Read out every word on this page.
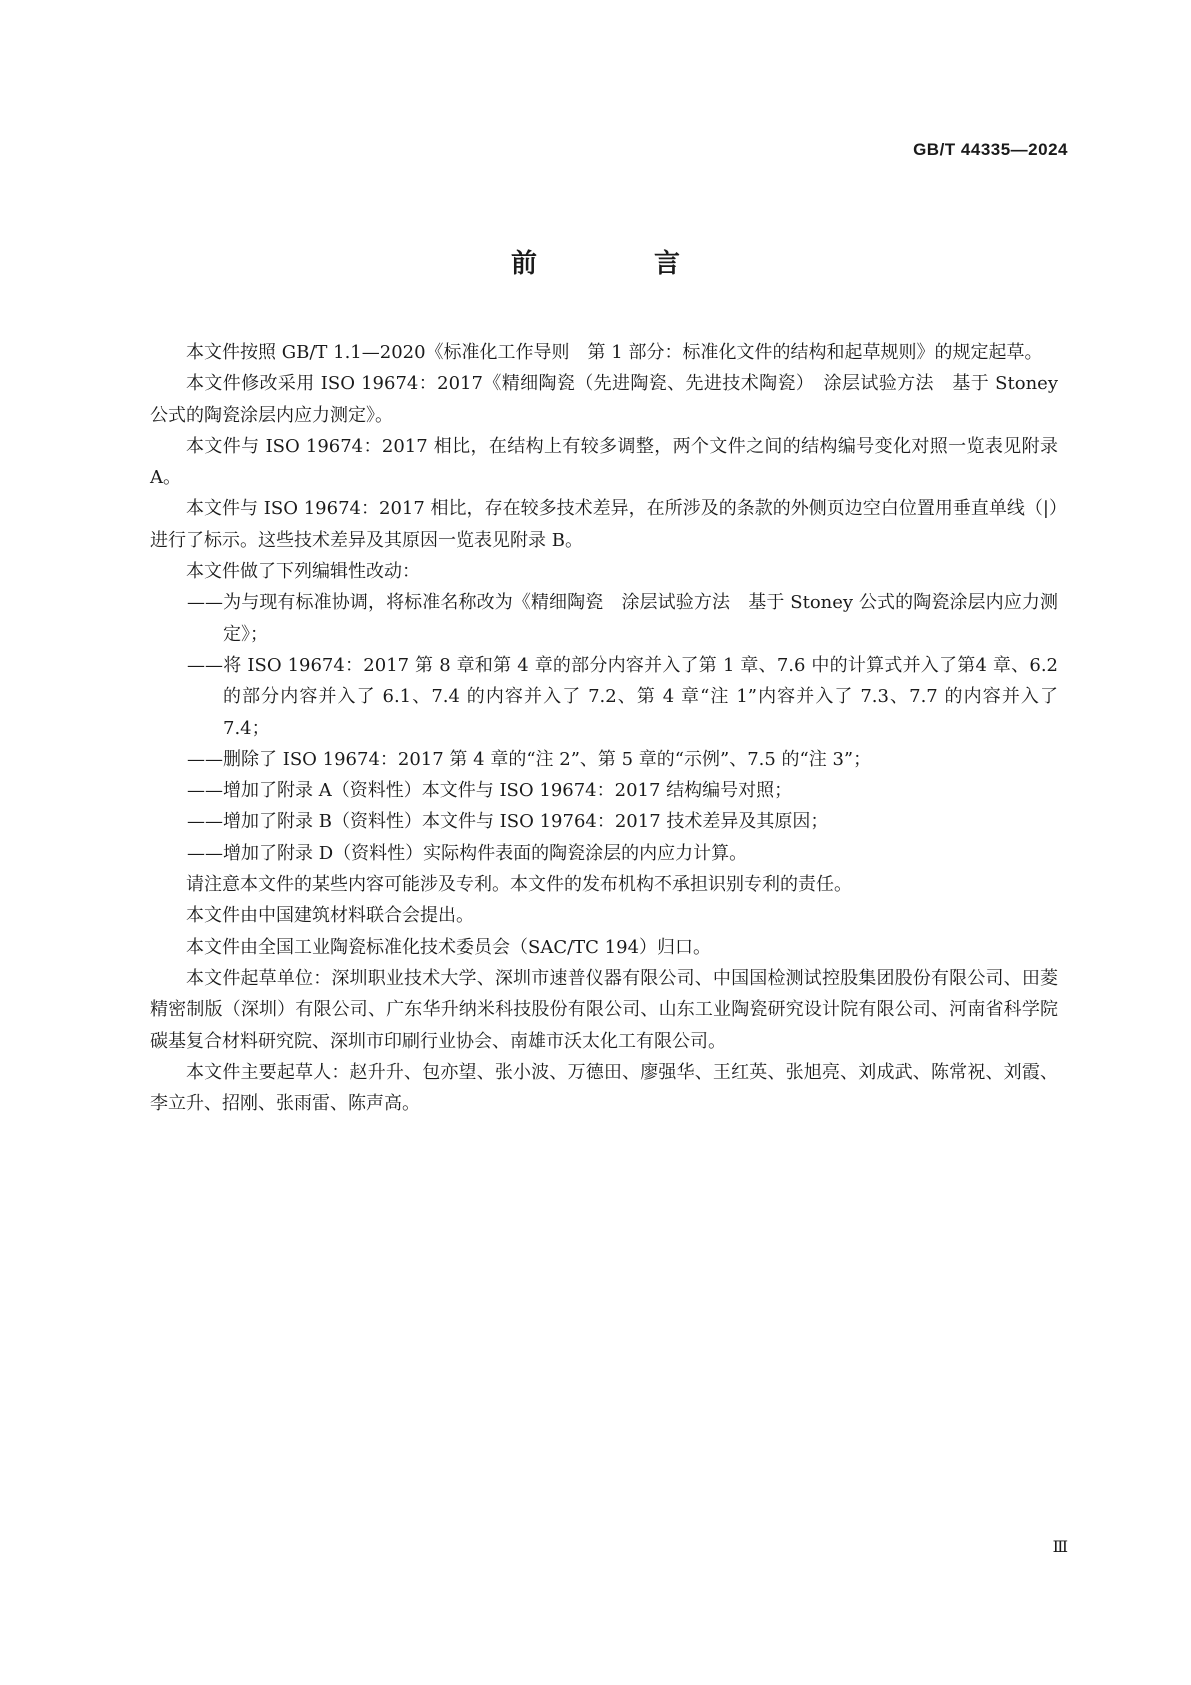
GB/T 44335—2024
前 言

本文件按照 GB/T 1.1—2020《标准化工作导则　第 1 部分：标准化文件的结构和起草规则》的规定起草。

本文件修改采用 ISO 19674：2017《精细陶瓷（先进陶瓷、先进技术陶瓷）　涂层试验方法　基于 Stoney 公式的陶瓷涂层内应力测定》。

本文件与 ISO 19674：2017 相比，在结构上有较多调整，两个文件之间的结构编号变化对照一览表见附录 A。

本文件与 ISO 19674：2017 相比，存在较多技术差异，在所涉及的条款的外侧页边空白位置用垂直单线（|）进行了标示。这些技术差异及其原因一览表见附录 B。

本文件做了下列编辑性改动：

——为与现有标准协调，将标准名称改为《精细陶瓷　涂层试验方法　基于 Stoney 公式的陶瓷涂层内应力测定》；

——将 ISO 19674：2017 第 8 章和第 4 章的部分内容并入了第 1 章、7.6 中的计算式并入了第4 章、6.2 的部分内容并入了 6.1、7.4 的内容并入了 7.2、第 4 章“注 1”内容并入了 7.3、7.7 的内容并入了 7.4；

——删除了 ISO 19674：2017 第 4 章的“注 2”、第 5 章的“示例”、7.5 的“注 3”；

——增加了附录 A（资料性）本文件与 ISO 19674：2017 结构编号对照；

——增加了附录 B（资料性）本文件与 ISO 19764：2017 技术差异及其原因；

——增加了附录 D（资料性）实际构件表面的陶瓷涂层的内应力计算。

请注意本文件的某些内容可能涉及专利。本文件的发布机构不承担识别专利的责任。

本文件由中国建筑材料联合会提出。

本文件由全国工业陶瓷标准化技术委员会（SAC/TC 194）归口。

本文件起草单位：深圳职业技术大学、深圳市速普仪器有限公司、中国国检测试控股集团股份有限公司、田菱精密制版（深圳）有限公司、广东华升纳米科技股份有限公司、山东工业陶瓷研究设计院有限公司、河南省科学院碳基复合材料研究院、深圳市印刷行业协会、南雄市沃太化工有限公司。

本文件主要起草人：赵升升、包亦望、张小波、万德田、廖强华、王红英、张旭亮、刘成武、陈常祝、刘霞、李立升、招刚、张雨雷、陈声高。

Ⅲ
